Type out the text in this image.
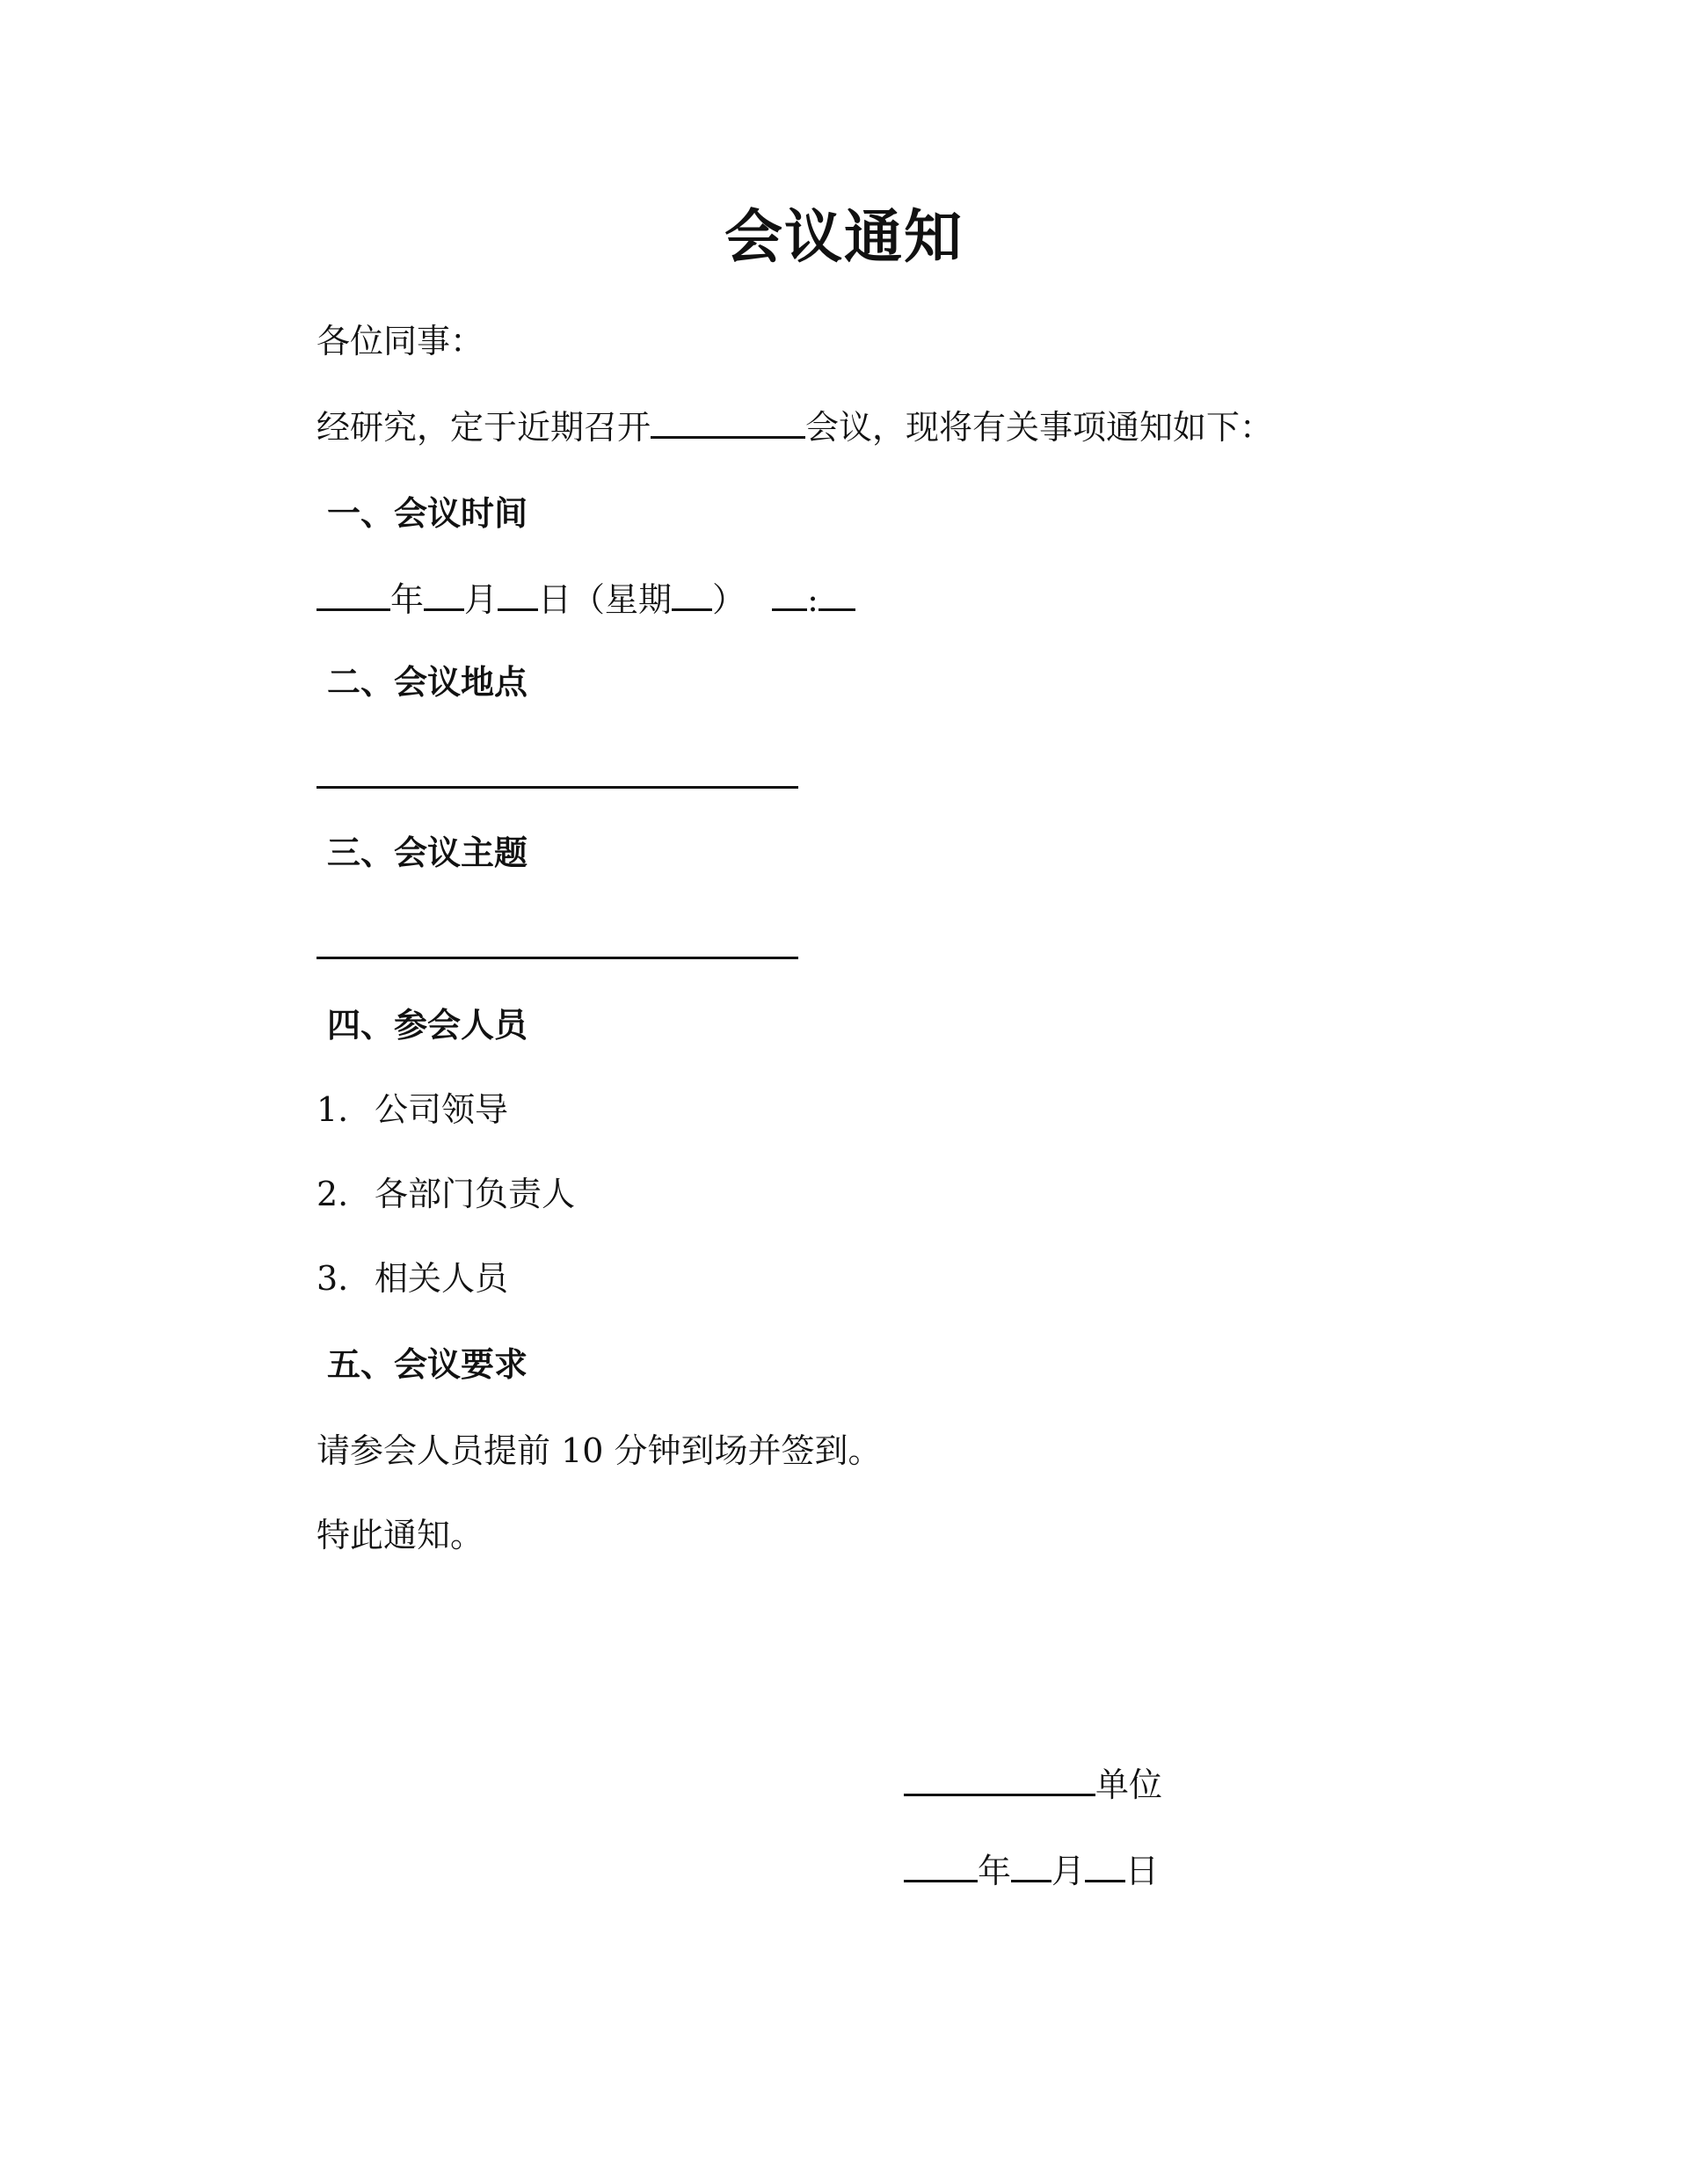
会议通知
各位同事：
经研究，定于近期召开	会议，现将有关事项通知如下：
一、会议时间
年 月 日（星期 ） :
二、会议地点
三、会议主题
四、参会人员
1. 公司领导
2. 各部门负责人
3. 相关人员
五、会议要求
请参会人员提前 10 分钟到场并签到。
特此通知。
单位
年 月 日
